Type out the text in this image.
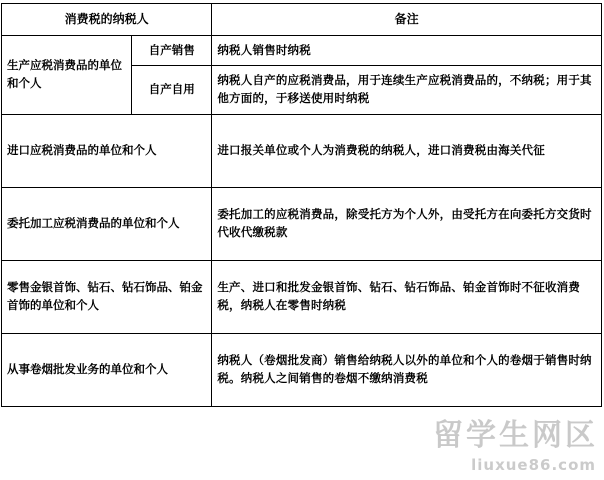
消费税的纳税人		备注
生产应税消费品的单位和个人	自产销售	纳税人销售时纳税
	自产自用	纳税人自产的应税消费品，用于连续生产应税消费品的，不纳税；用于其他方面的，于移送使用时纳税
进口应税消费品的单位和个人		进口报关单位或个人为消费税的纳税人，进口消费税由海关代征
委托加工应税消费品的单位和个人		委托加工的应税消费品，除受托方为个人外，由受托方在向委托方交货时代收代缴税款
零售金银首饰、钻石、钻石饰品、铂金首饰的单位和个人		生产、进口和批发金银首饰、钻石、钻石饰品、铂金首饰时不征收消费税，纳税人在零售时纳税
从事卷烟批发业务的单位和个人		纳税人（卷烟批发商）销售给纳税人以外的单位和个人的卷烟于销售时纳税。纳税人之间销售的卷烟不缴纳消费税
留学生网区
liuxue86.com
